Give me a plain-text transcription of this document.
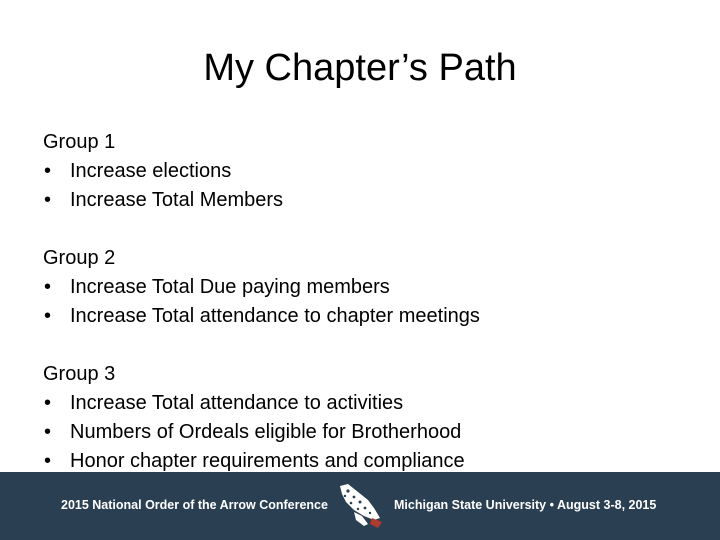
My Chapter’s Path
Group 1
• Increase elections
• Increase Total Members
Group 2
• Increase Total Due paying members
• Increase Total attendance to chapter meetings
Group 3
• Increase Total attendance to activities
• Numbers of Ordeals eligible for Brotherhood
• Honor chapter requirements and compliance
2015 National Order of the Arrow Conference	Michigan State University • August 3-8, 2015
